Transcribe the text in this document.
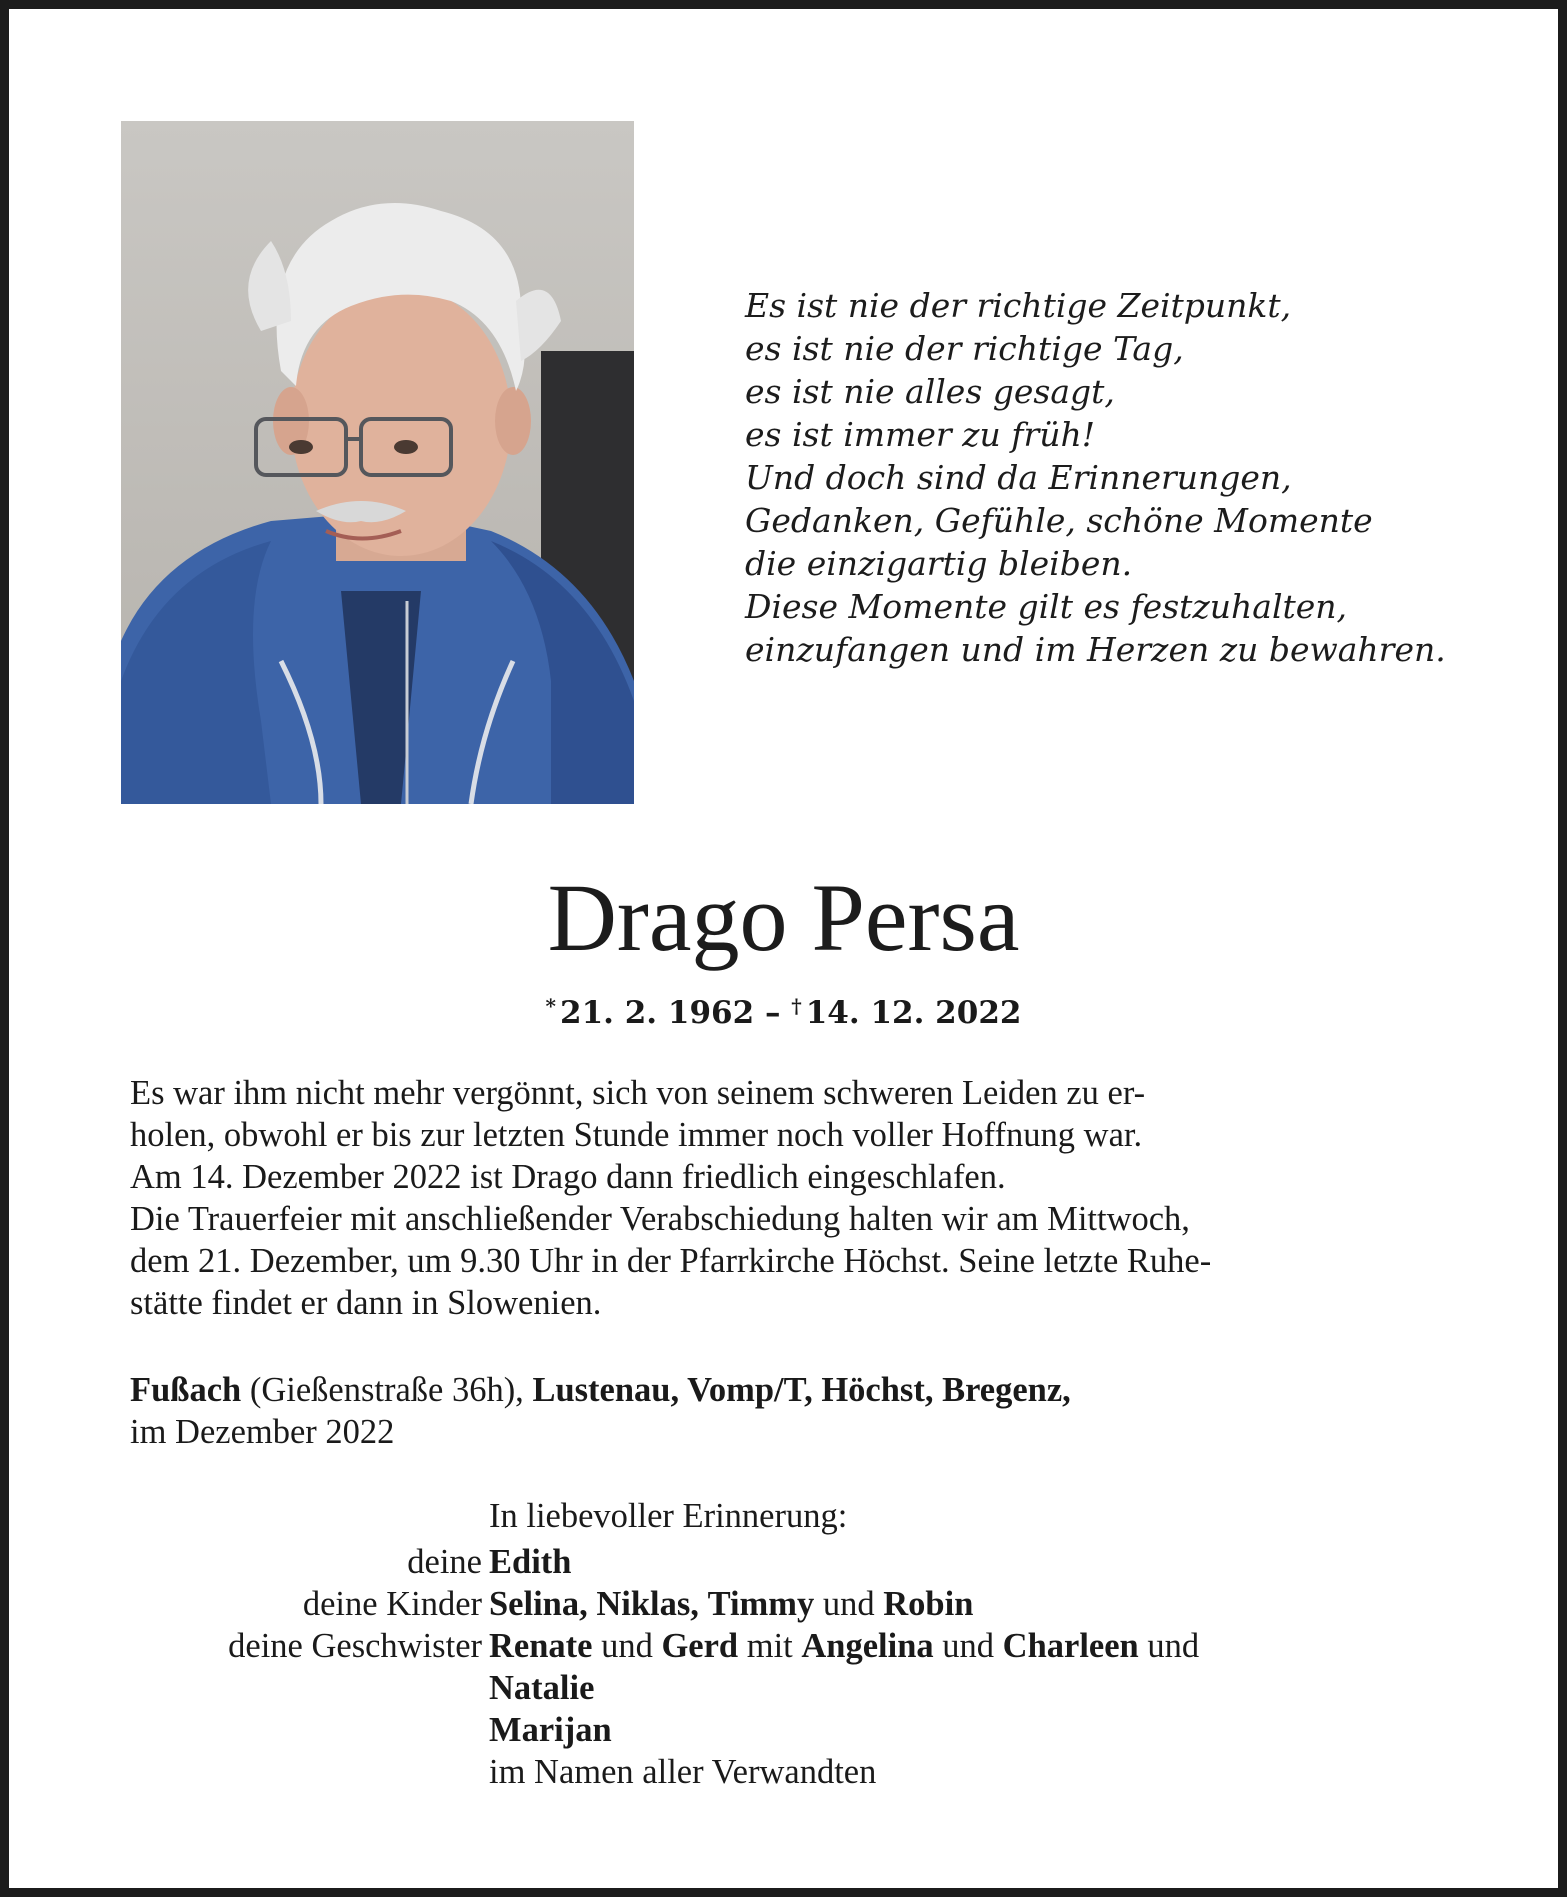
Es ist nie der richtige Zeitpunkt,
es ist nie der richtige Tag,
es ist nie alles gesagt,
es ist immer zu früh!
Und doch sind da Erinnerungen,
Gedanken, Gefühle, schöne Momente
die einzigartig bleiben.
Diese Momente gilt es festzuhalten,
einzufangen und im Herzen zu bewahren.
Drago Persa
* 21. 2. 1962 – † 14. 12. 2022
Es war ihm nicht mehr vergönnt, sich von seinem schweren Leiden zu er-
holen, obwohl er bis zur letzten Stunde immer noch voller Hoffnung war.
Am 14. Dezember 2022 ist Drago dann friedlich eingeschlafen.
Die Trauerfeier mit anschließender Verabschiedung halten wir am Mittwoch,
dem 21. Dezember, um 9.30 Uhr in der Pfarrkirche Höchst. Seine letzte Ruhe-
stätte findet er dann in Slowenien.
Fußach (Gießenstraße 36h), Lustenau, Vomp/T, Höchst, Bregenz,
im Dezember 2022
In liebevoller Erinnerung:
deine Edith
deine Kinder Selina, Niklas, Timmy und Robin
deine Geschwister Renate und Gerd mit Angelina und Charleen und
Natalie
Marijan
im Namen aller Verwandten
